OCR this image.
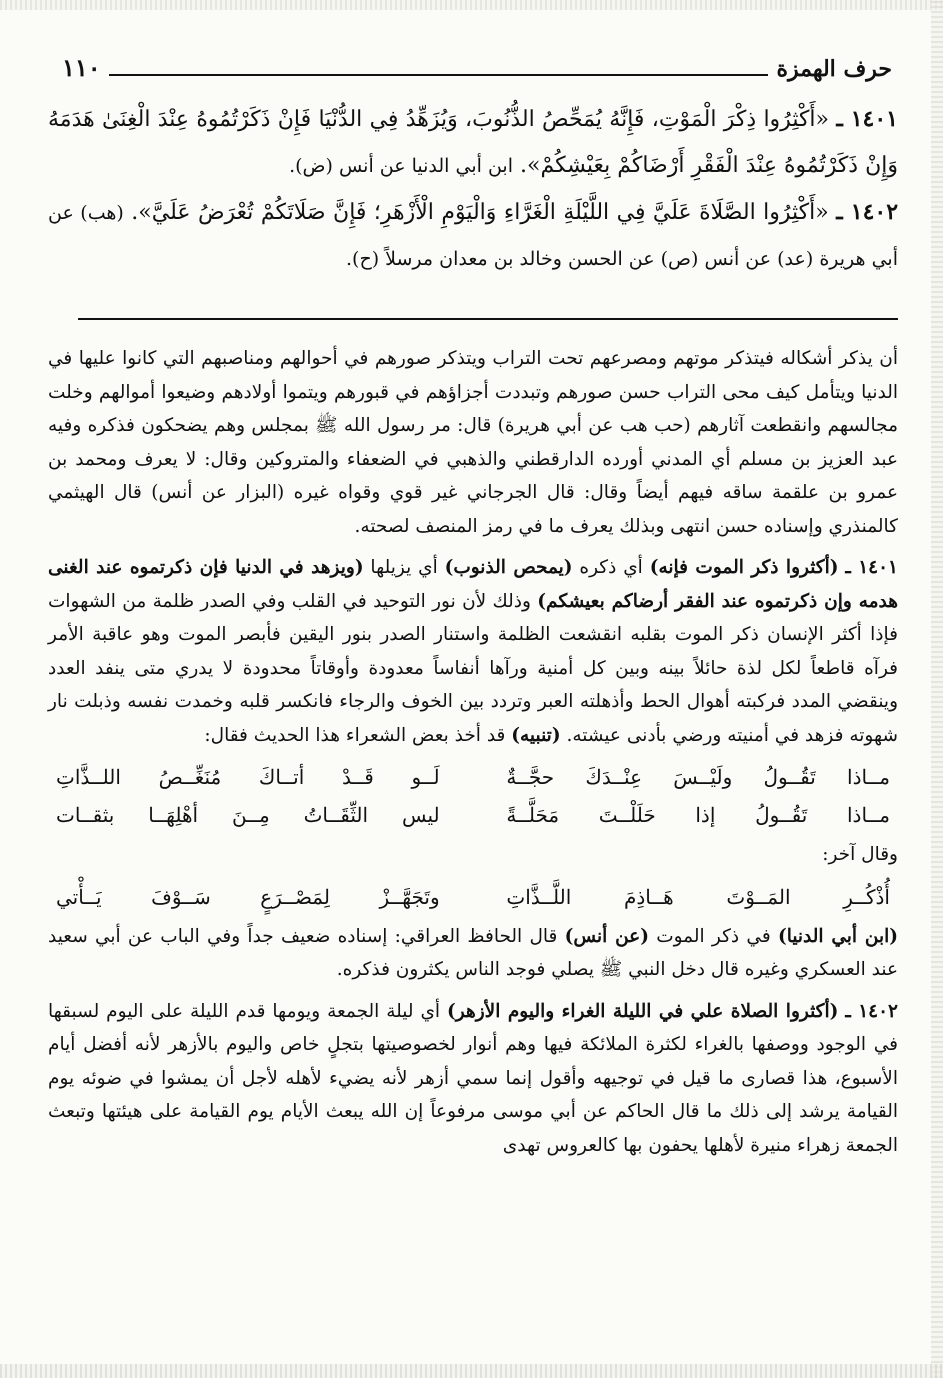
حرف الهمزة
١١٠
١٤٠١ ـ «أَكْثِرُوا ذِكْرَ الْمَوْتِ، فَإِنَّهُ يُمَحِّصُ الذُّنُوبَ، وَيُزَهِّدُ فِي الدُّنْيَا فَإِنْ ذَكَرْتُمُوهُ عِنْدَ الْغِنَىٰ هَدَمَهُ وَإِنْ ذَكَرْتُمُوهُ عِنْدَ الْفَقْرِ أَرْضَاكُمْ بِعَيْشِكُمْ». ابن أبي الدنيا عن أنس (ض).
١٤٠٢ ـ «أَكْثِرُوا الصَّلَاةَ عَلَيَّ فِي اللَّيْلَةِ الْغَرَّاءِ وَالْيَوْمِ الْأَزْهَرِ؛ فَإِنَّ صَلَاتَكُمْ تُعْرَضُ عَلَيَّ». (هب) عن أبي هريرة (عد) عن أنس (ص) عن الحسن وخالد بن معدان مرسلاً (ح).

أن يذكر أشكاله فيتذكر موتهم ومصرعهم تحت التراب ويتذكر صورهم في أحوالهم ومناصبهم التي كانوا عليها في الدنيا ويتأمل كيف محى التراب حسن صورهم وتبددت أجزاؤهم في قبورهم ويتموا أولادهم وضيعوا أموالهم وخلت مجالسهم وانقطعت آثارهم (حب هب عن أبي هريرة) قال: مر رسول الله ﷺ بمجلس وهم يضحكون فذكره وفيه عبد العزيز بن مسلم أي المدني أورده الدارقطني والذهبي في الضعفاء والمتروكين وقال: لا يعرف ومحمد بن عمرو بن علقمة ساقه فيهم أيضاً وقال: قال الجرجاني غير قوي وقواه غيره (البزار عن أنس) قال الهيثمي كالمنذري وإسناده حسن انتهى وبذلك يعرف ما في رمز المنصف لصحته.

١٤٠١ ـ (أكثروا ذكر الموت فإنه) أي ذكره (يمحص الذنوب) أي يزيلها (ويزهد في الدنيا فإن ذكرتموه عند الغنى هدمه وإن ذكرتموه عند الفقر أرضاكم بعيشكم) وذلك لأن نور التوحيد في القلب وفي الصدر ظلمة من الشهوات فإذا أكثر الإنسان ذكر الموت بقلبه انقشعت الظلمة واستنار الصدر بنور اليقين فأبصر الموت وهو عاقبة الأمر فرآه قاطعاً لكل لذة حائلاً بينه وبين كل أمنية ورآها أنفاساً معدودة وأوقاتاً محدودة لا يدري متى ينفد العدد وينقضي المدد فركبته أهوال الحط وأذهلته العبر وتردد بين الخوف والرجاء فانكسر قلبه وخمدت نفسه وذبلت نار شهوته فزهد في أمنيته ورضي بأدنى عيشته. (تنبيه) قد أخذ بعض الشعراء هذا الحديث فقال:

مــاذا تَقُــولُ ولَيْــسَ عِنْــدَكَ حجَّــةٌ
لَــو قَــدْ أتــاكَ مُنَغِّــصُ اللــذَّاتِ
مــاذا تَقُــولُ إذا حَلَلْــتَ مَحَلَّــةً
ليس الثِّقَــاتُ مِــنَ أهْلِهَــا بثقــات

وقال آخر:

أُذْكُــرِ المَــوْتَ هَــاذِمَ اللَّــذَّاتِ
وتَجَهَّــزْ لِمَصْــرَعٍ سَــوْفَ يَــأْتي

(ابن أبي الدنيا) في ذكر الموت (عن أنس) قال الحافظ العراقي: إسناده ضعيف جداً وفي الباب عن أبي سعيد عند العسكري وغيره قال دخل النبي ﷺ يصلي فوجد الناس يكثرون فذكره.

١٤٠٢ ـ (أكثروا الصلاة علي في الليلة الغراء واليوم الأزهر) أي ليلة الجمعة ويومها قدم الليلة على اليوم لسبقها في الوجود ووصفها بالغراء لكثرة الملائكة فيها وهم أنوار لخصوصيتها بتجلٍ خاص واليوم بالأزهر لأنه أفضل أيام الأسبوع، هذا قصارى ما قيل في توجيهه وأقول إنما سمي أزهر لأنه يضيء لأهله لأجل أن يمشوا في ضوئه يوم القيامة يرشد إلى ذلك ما قال الحاكم عن أبي موسى مرفوعاً إن الله يبعث الأيام يوم القيامة على هيئتها وتبعث الجمعة زهراء منيرة لأهلها يحفون بها كالعروس تهدى
